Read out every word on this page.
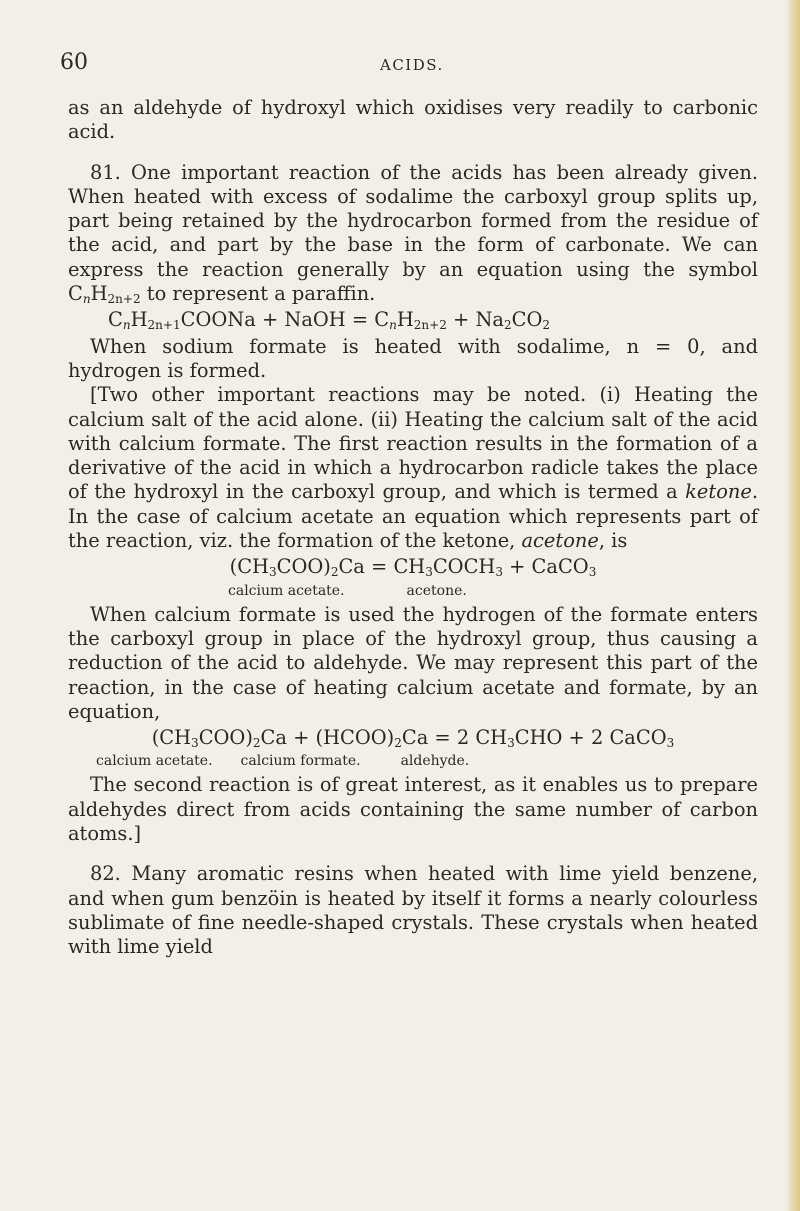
60	ACIDS.

as an aldehyde of hydroxyl which oxidises very readily to carbonic acid.

81. One important reaction of the acids has been already given. When heated with excess of sodalime the carboxyl group splits up, part being retained by the hydrocarbon formed from the residue of the acid, and part by the base in the form of carbonate. We can express the reaction generally by an equation using the symbol $C_nH_{2n+2}$ to represent a paraffin.

$C_nH_{2n+1}COONa$ + NaOH = $C_nH_{2n+2} + Na_2CO_2$

When sodium formate is heated with sodalime, n = 0, and hydrogen is formed.

[Two other important reactions may be noted. (i) Heating the calcium salt of the acid alone. (ii) Heating the calcium salt of the acid with calcium formate. The first reaction results in the formation of a derivative of the acid in which a hydrocarbon radicle takes the place of the hydroxyl in the carboxyl group, and which is termed a ketone. In the case of calcium acetate an equation which represents part of the reaction, viz. the formation of the ketone, acetone, is

$(CH_3COO)_2Ca$ = $CH_3COCH_3$ + CaCO$_3$
calcium acetate.	acetone.

When calcium formate is used the hydrogen of the formate enters the carboxyl group in place of the hydroxyl group, thus causing a reduction of the acid to aldehyde. We may represent this part of the reaction, in the case of heating calcium acetate and formate, by an equation,

$(CH_3COO)_2Ca$ + $(HCOO)_2Ca = 2$ $CH_3CHO + 2$ CaCO$_3$
calcium acetate. calcium formate.	aldehyde.

The second reaction is of great interest, as it enables us to prepare aldehydes direct from acids containing the same number of carbon atoms.]

82. Many aromatic resins when heated with lime yield benzene, and when gum benzöin is heated by itself it forms a nearly colourless sublimate of fine needle-shaped crystals. These crystals when heated with lime yield
